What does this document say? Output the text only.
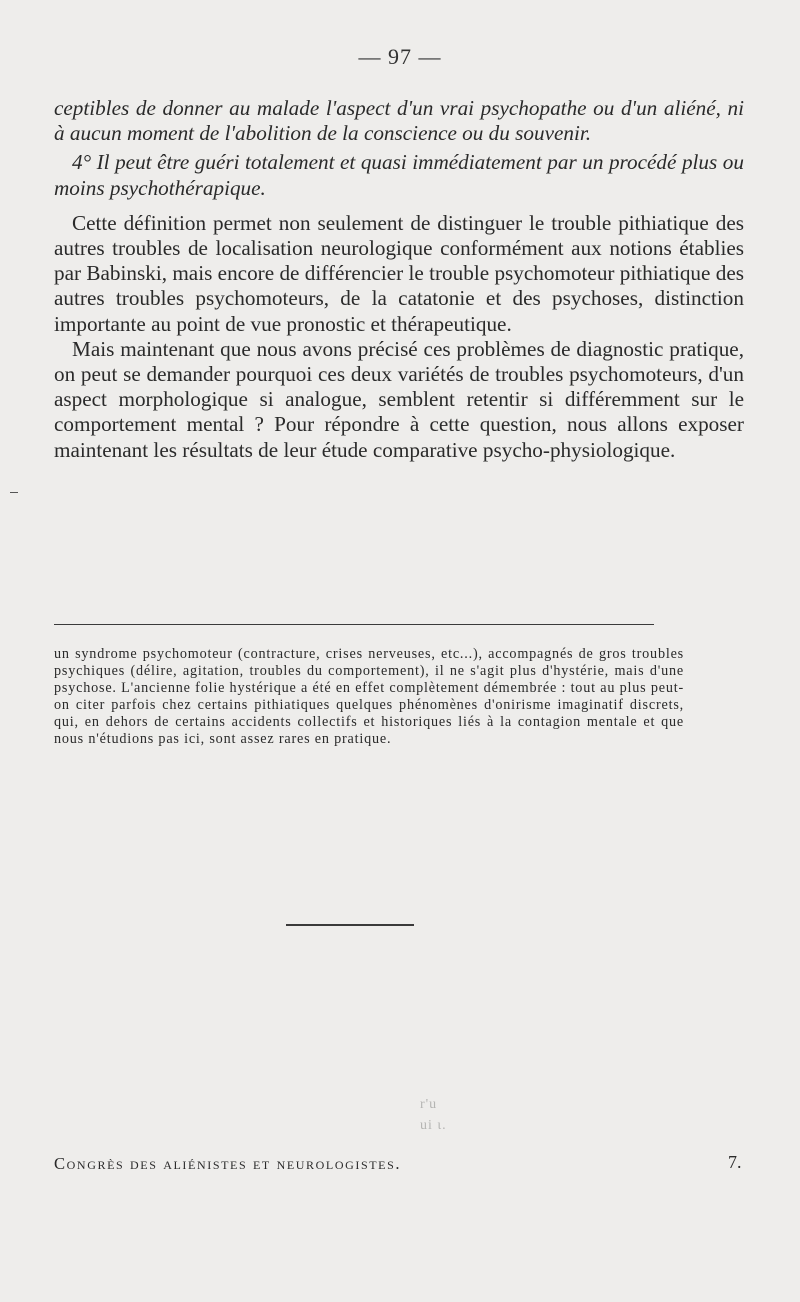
— 97 —

ceptibles de donner au malade l'aspect d'un vrai psychopathe ou d'un aliéné, ni à aucun moment de l'abolition de la conscience ou du souvenir.

4° Il peut être guéri totalement et quasi immédiatement par un procédé plus ou moins psychothérapique.

Cette définition permet non seulement de distinguer le trouble pithiatique des autres troubles de localisation neurologique conformément aux notions établies par Babinski, mais encore de différencier le trouble psychomoteur pithiatique des autres troubles psychomoteurs, de la catatonie et des psychoses, distinction importante au point de vue pronostic et thérapeutique.

Mais maintenant que nous avons précisé ces problèmes de diagnostic pratique, on peut se demander pourquoi ces deux variétés de troubles psychomoteurs, d'un aspect morphologique si analogue, semblent retentir si différemment sur le comportement mental ? Pour répondre à cette question, nous allons exposer maintenant les résultats de leur étude comparative psycho-physiologique.

un syndrome psychomoteur (contracture, crises nerveuses, etc...), accompagnés de gros troubles psychiques (délire, agitation, troubles du comportement), il ne s'agit plus d'hystérie, mais d'une psychose. L'ancienne folie hystérique a été en effet complètement démembrée : tout au plus peut-on citer parfois chez certains pithiatiques quelques phénomènes d'onirisme imaginatif discrets, qui, en dehors de certains accidents collectifs et historiques liés à la contagion mentale et que nous n'étudions pas ici, sont assez rares en pratique.

r'u
ui ι.
Congrès des aliénistes et neurologistes.	7.
